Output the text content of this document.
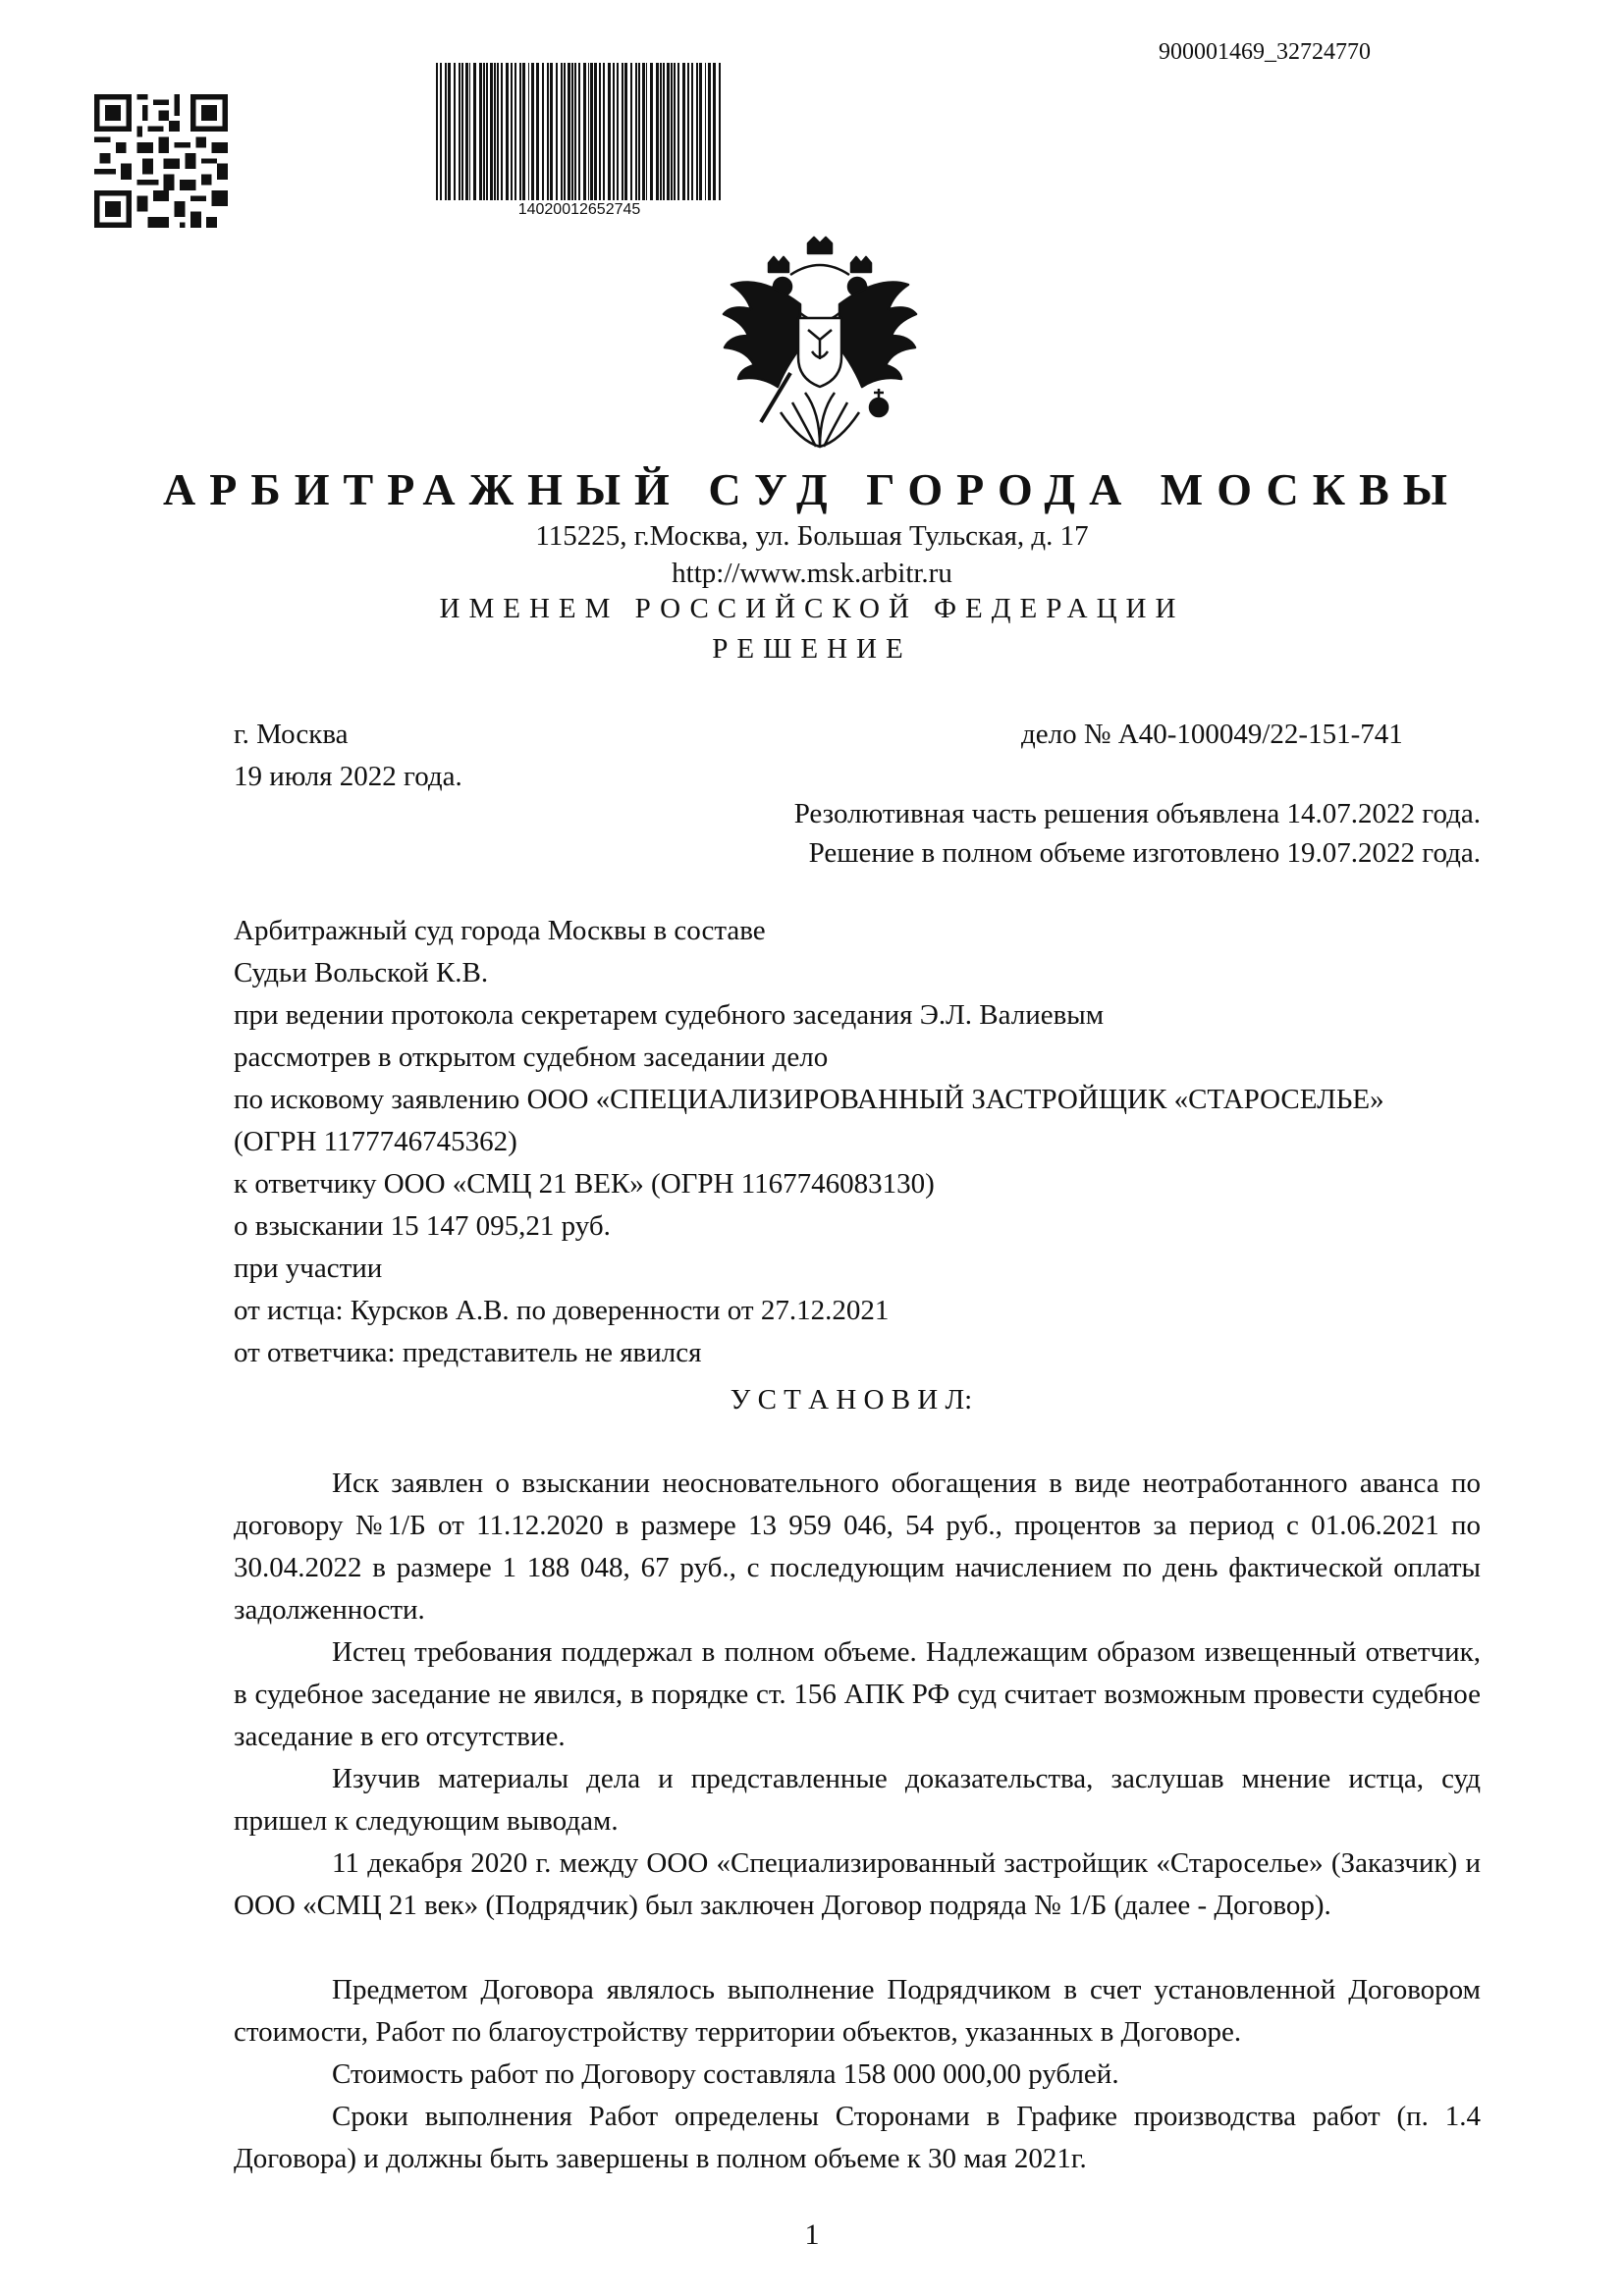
900001469_32724770
14020012652745
АРБИТРАЖНЫЙ СУД ГОРОДА МОСКВЫ
115225, г.Москва, ул. Большая Тульская, д. 17
http://www.msk.arbitr.ru
ИМЕНЕМ РОССИЙСКОЙ ФЕДЕРАЦИИ
РЕШЕНИЕ
г. Москва	дело № А40-100049/22-151-741
19 июля 2022 года.
Резолютивная часть решения объявлена 14.07.2022 года.
Решение в полном объеме изготовлено 19.07.2022 года.
Арбитражный суд города Москвы в составе
Судьи Вольской К.В.
при ведении протокола секретарем судебного заседания Э.Л. Валиевым
рассмотрев в открытом судебном заседании дело
по исковому заявлению ООО «СПЕЦИАЛИЗИРОВАННЫЙ ЗАСТРОЙЩИК «СТАРОСЕЛЬЕ»
(ОГРН 1177746745362)
к ответчику ООО «СМЦ 21 ВЕК» (ОГРН 1167746083130)
о взыскании 15 147 095,21 руб.
при участии
от истца: Курсков А.В. по доверенности от 27.12.2021
от ответчика: представитель не явился
У С Т А Н О В И Л:

Иск заявлен о взыскании неосновательного обогащения в виде неотработанного аванса по договору №1/Б от 11.12.2020 в размере 13 959 046, 54 руб., процентов за период с 01.06.2021 по 30.04.2022 в размере 1 188 048, 67 руб., с последующим начислением по день фактической оплаты задолженности.

Истец требования поддержал в полном объеме. Надлежащим образом извещенный ответчик, в судебное заседание не явился, в порядке ст. 156 АПК РФ суд считает возможным провести судебное заседание в его отсутствие.

Изучив материалы дела и представленные доказательства, заслушав мнение истца, суд пришел к следующим выводам.

11 декабря 2020 г. между ООО «Специализированный застройщик «Староселье» (Заказчик) и ООО «СМЦ 21 век» (Подрядчик) был заключен Договор подряда № 1/Б (далее - Договор).

Предметом Договора являлось выполнение Подрядчиком в счет установленной Договором стоимости, Работ по благоустройству территории объектов, указанных в Договоре.

Стоимость работ по Договору составляла 158 000 000,00 рублей.

Сроки выполнения Работ определены Сторонами в Графике производства работ (п. 1.4 Договора) и должны быть завершены в полном объеме к 30 мая 2021г.

1
